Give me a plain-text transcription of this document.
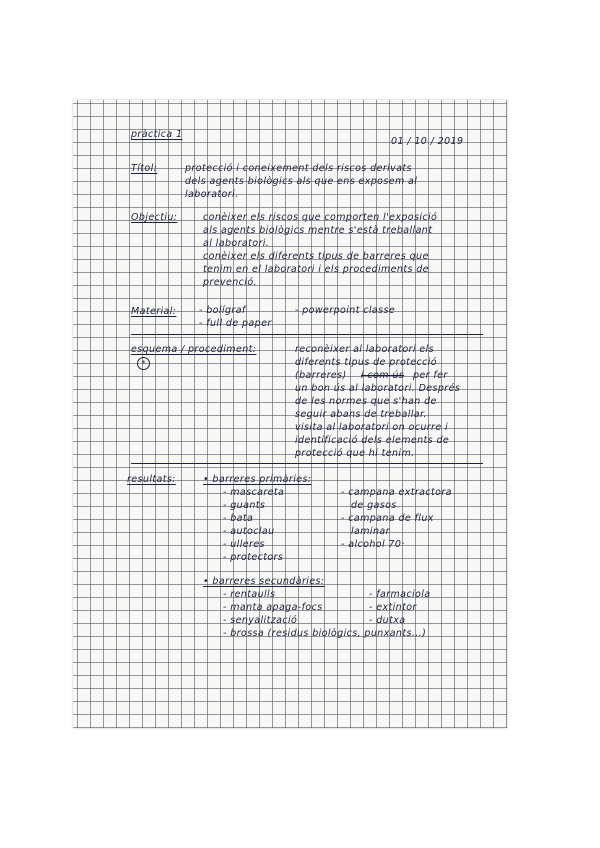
pràctica 1
01 / 10 / 2019
Títol:	protecció i coneixement dels riscos derivats
dels agents biològics als que ens exposem al
laboratori.
Objectiu:	conèixer els riscos que comporten l'exposició
als agents biològics mentre s'està treballant
al laboratori.
conèixer els diferents tipus de barreres que
tenim en el laboratori i els procediments de
prevenció.
Material: - bolígraf
- full de paper
- powerpoint classe
esquema / procediment:
*
reconèixer al laboratori els
diferents tipus de protecció
(barreres) i com ús per fer
un bon ús al laboratori. Després
de les normes que s'han de
seguir abans de treballar.
visita al laboratori on ocurre i
identificació dels elements de
protecció que hi tenim.
resultats:	• barreres primàries:
- mascareta
- guants
- bata
- autoclau
- ulleres
- protectors
- campana extractora
de gasos
- campana de flux
laminar
- alcohol 70·
• barreres secundàries:
- rentaulls
- manta apaga-focs
- senyalització
- brossa (residus biològics, punxants...)
- farmaciola
- extintor
- dutxa
